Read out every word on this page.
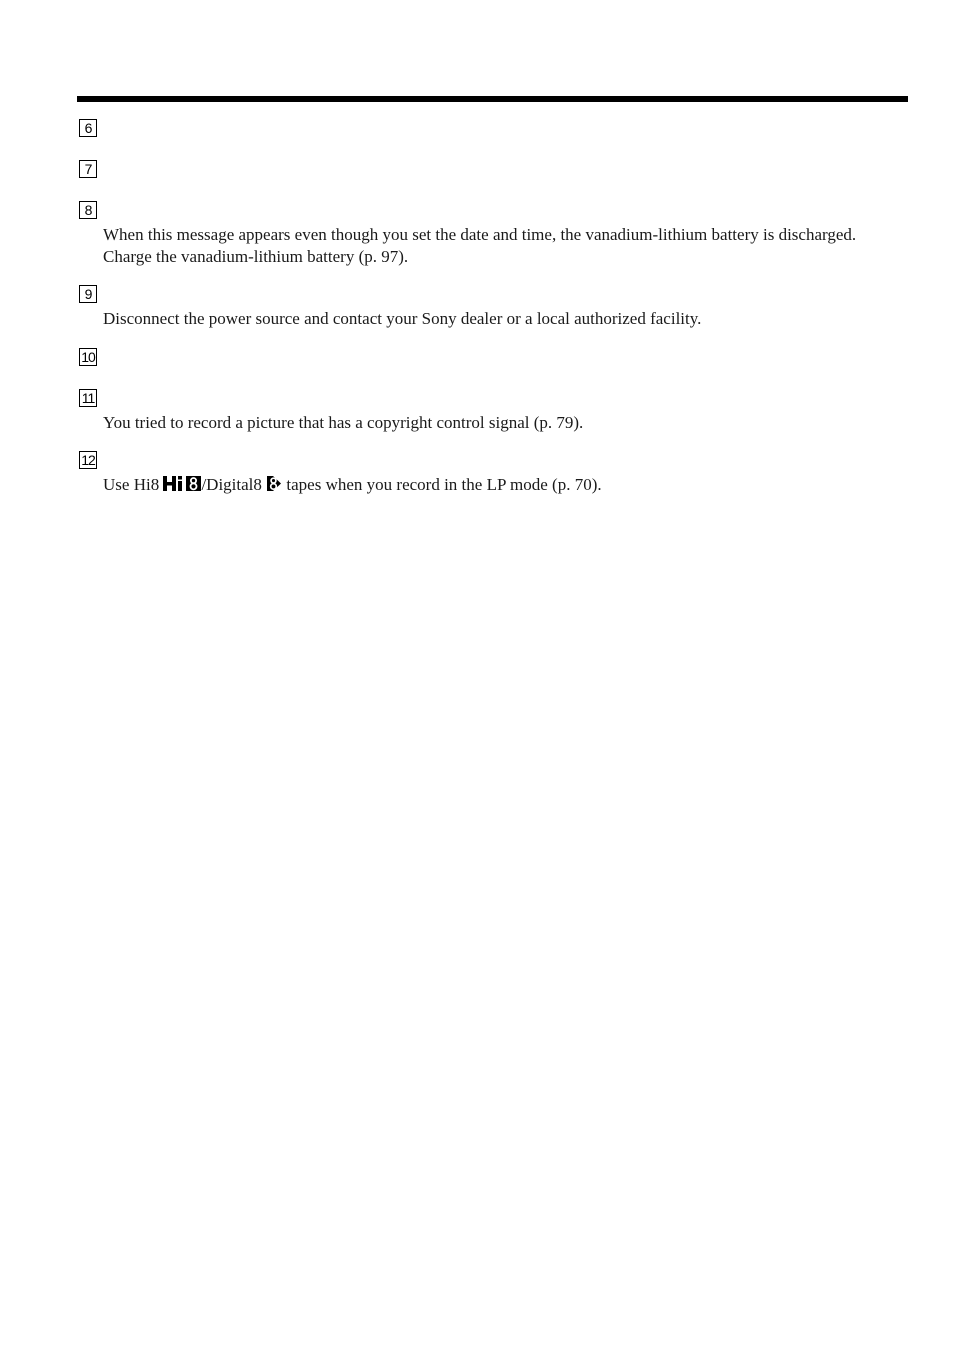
6
7
8
When this message appears even though you set the date and time, the vanadium-lithium battery is discharged. Charge the vanadium-lithium battery (p. 97).
9
Disconnect the power source and contact your Sony dealer or a local authorized facility.
10
11
You tried to record a picture that has a copyright control signal (p. 79).
12
Use Hi8 /Digital8  tapes when you record in the LP mode (p. 70).
